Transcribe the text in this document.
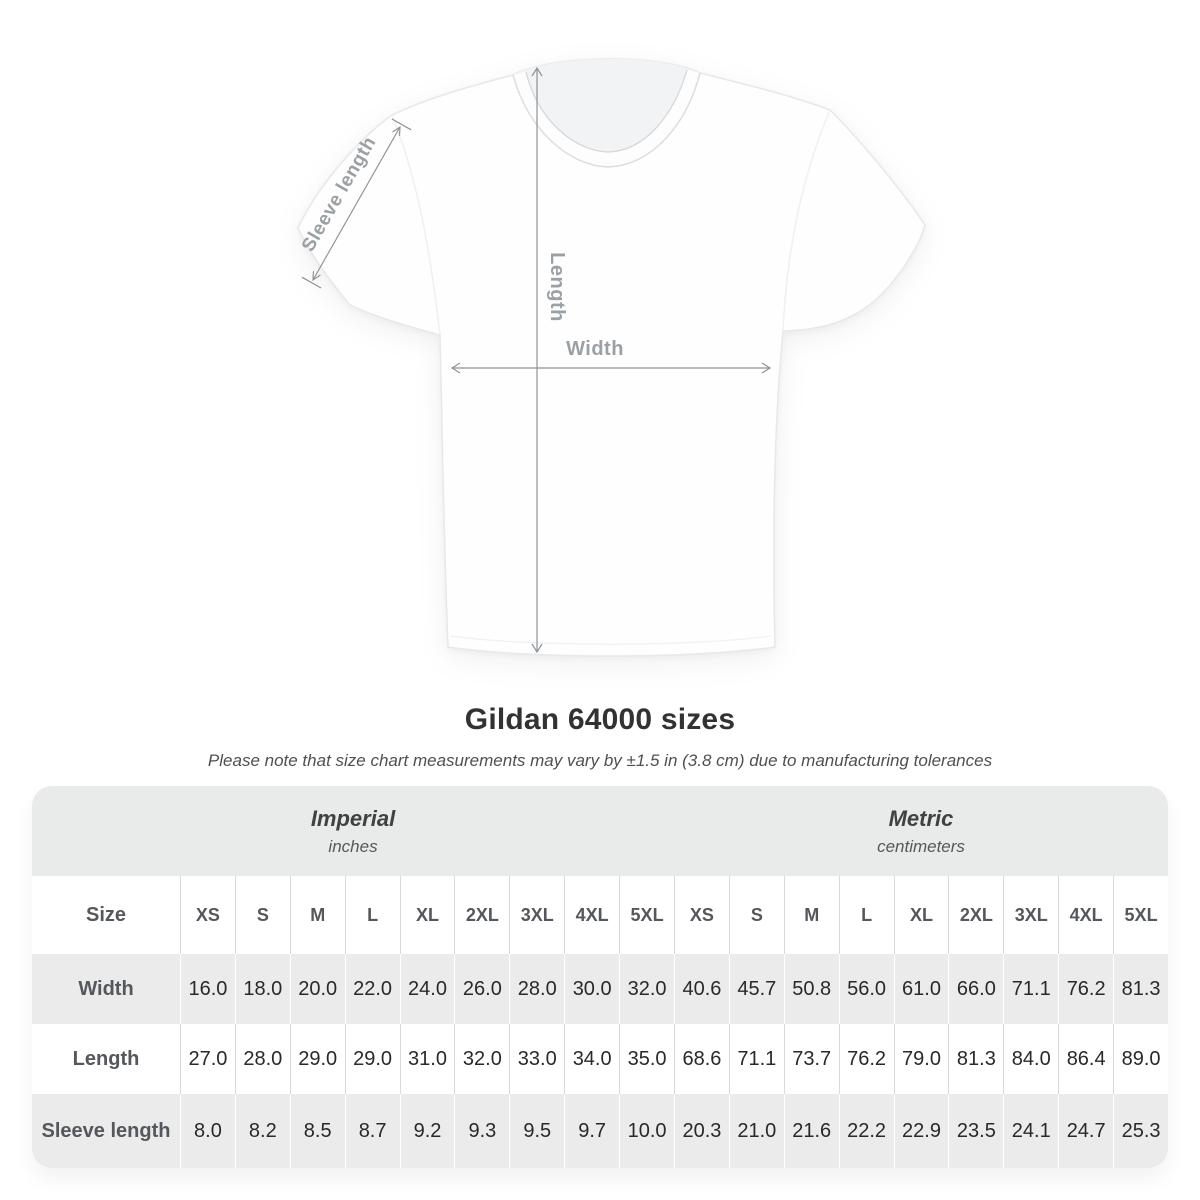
Width
Length
Sleeve length
Gildan 64000 sizes
Please note that size chart measurements may vary by ±1.5 in (3.8 cm) due to manufacturing tolerances
Imperial
inches
Metric
centimeters
Size	XS	S	M	L	XL	2XL	3XL	4XL	5XL	XS	S	M	L	XL	2XL	3XL	4XL	5XL
Width	16.0 18.0 20.0 22.0 24.0 26.0 28.0 30.0 32.0 40.6 45.7 50.8 56.0 61.0 66.0 71.1 76.2 81.3
Length	27.0 28.0 29.0 29.0 31.0 32.0 33.0 34.0 35.0 68.6 71.1 73.7 76.2 79.0 81.3 84.0 86.4 89.0
Sleeve length	8.0	8.2	8.5	8.7	9.2	9.3	9.5	9.7	10.0 20.3 21.0 21.6 22.2 22.9 23.5 24.1 24.7 25.3
